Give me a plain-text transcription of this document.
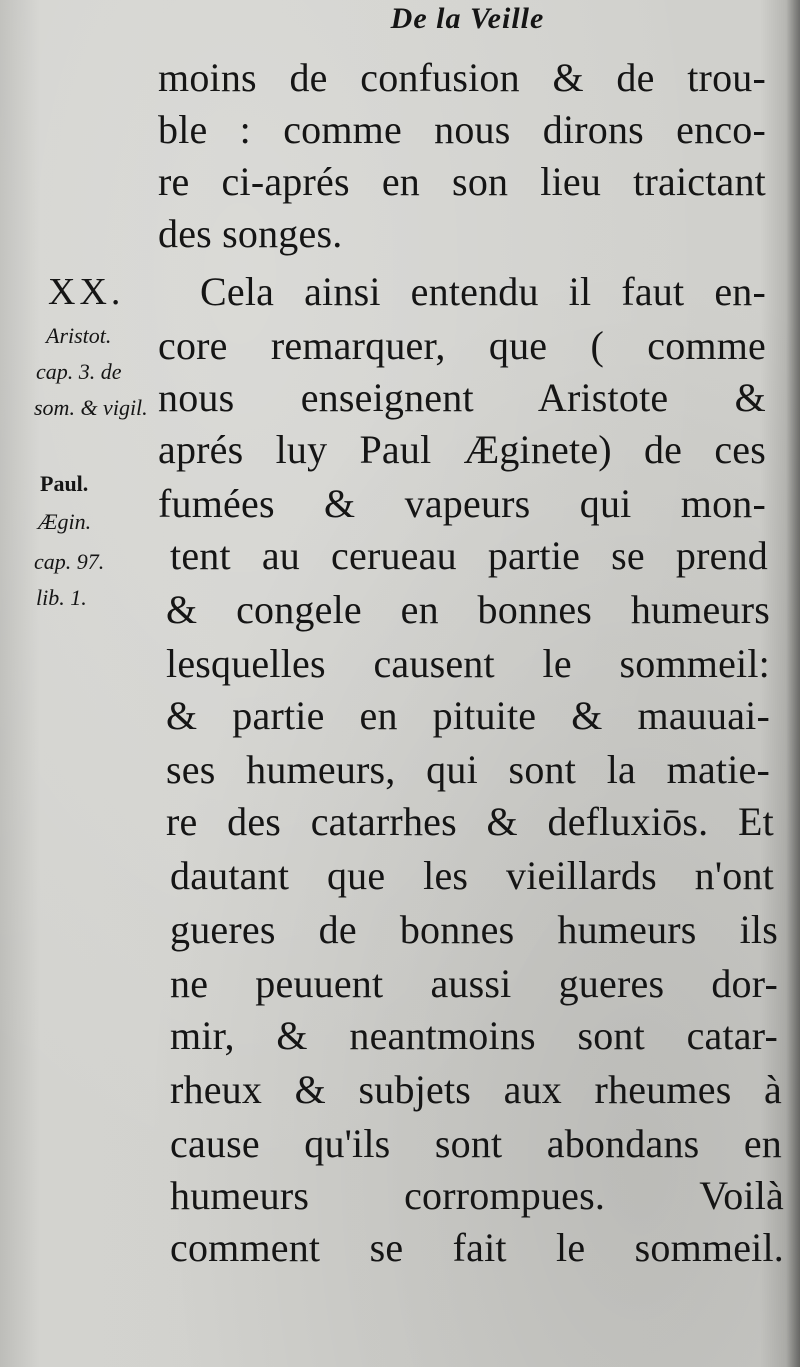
De la Veille
XX.
Aristot.
cap. 3. de
som. & vigil.
Paul.
Ægin.
cap. 97.
lib. 1.
moins de confusion & de trou-
ble : comme nous dirons enco-
re ci-aprés en son lieu traictant
des songes.
Cela ainsi entendu il faut en-
core remarquer, que ( comme
nous enseignent Aristote &
aprés luy Paul Æginete) de ces
fumées & vapeurs qui mon-
tent au cerueau partie se prend
& congele en bonnes humeurs
lesquelles causent le sommeil:
& partie en pituite & mauuai-
ses humeurs, qui sont la matie-
re des catarrhes & defluxiōs. Et
dautant que les vieillards n'ont
gueres de bonnes humeurs ils
ne peuuent aussi gueres dor-
mir, & neantmoins sont catar-
rheux & subjets aux rheumes à
cause qu'ils sont abondans en
humeurs corrompues. Voilà
comment se fait le sommeil.
